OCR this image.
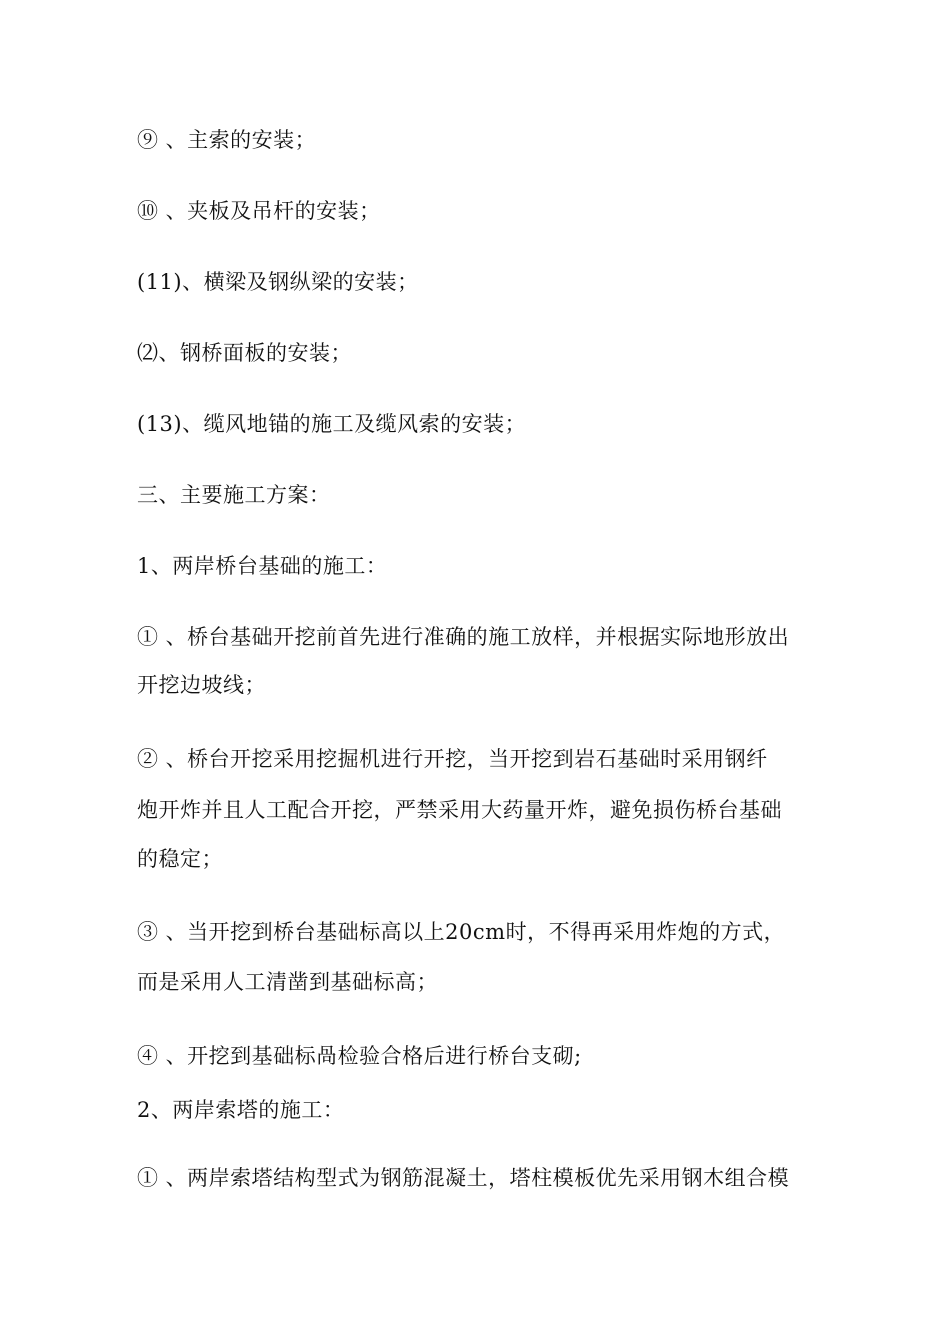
⑨ 、主索的安装；
⑩ 、夹板及吊杆的安装；
(11)、横梁及钢纵梁的安装；
⑵、钢桥面板的安装；
(13)、缆风地锚的施工及缆风索的安装；
三、主要施工方案：
1、两岸桥台基础的施工：
① 、桥台基础开挖前首先进行准确的施工放样，并根据实际地形放出
开挖边坡线；
② 、桥台开挖采用挖掘机进行开挖，当开挖到岩石基础时采用钢纤
炮开炸并且人工配合开挖，严禁采用大药量开炸，避免损伤桥台基础
的稳定；
③ 、当开挖到桥台基础标高以上20cm时，不得再采用炸炮的方式，
而是采用人工清凿到基础标高；
④ 、开挖到基础标咼检验合格后进行桥台支砌;
2、两岸索塔的施工：
① 、两岸索塔结构型式为钢筋混凝土，塔柱模板优先采用钢木组合模
